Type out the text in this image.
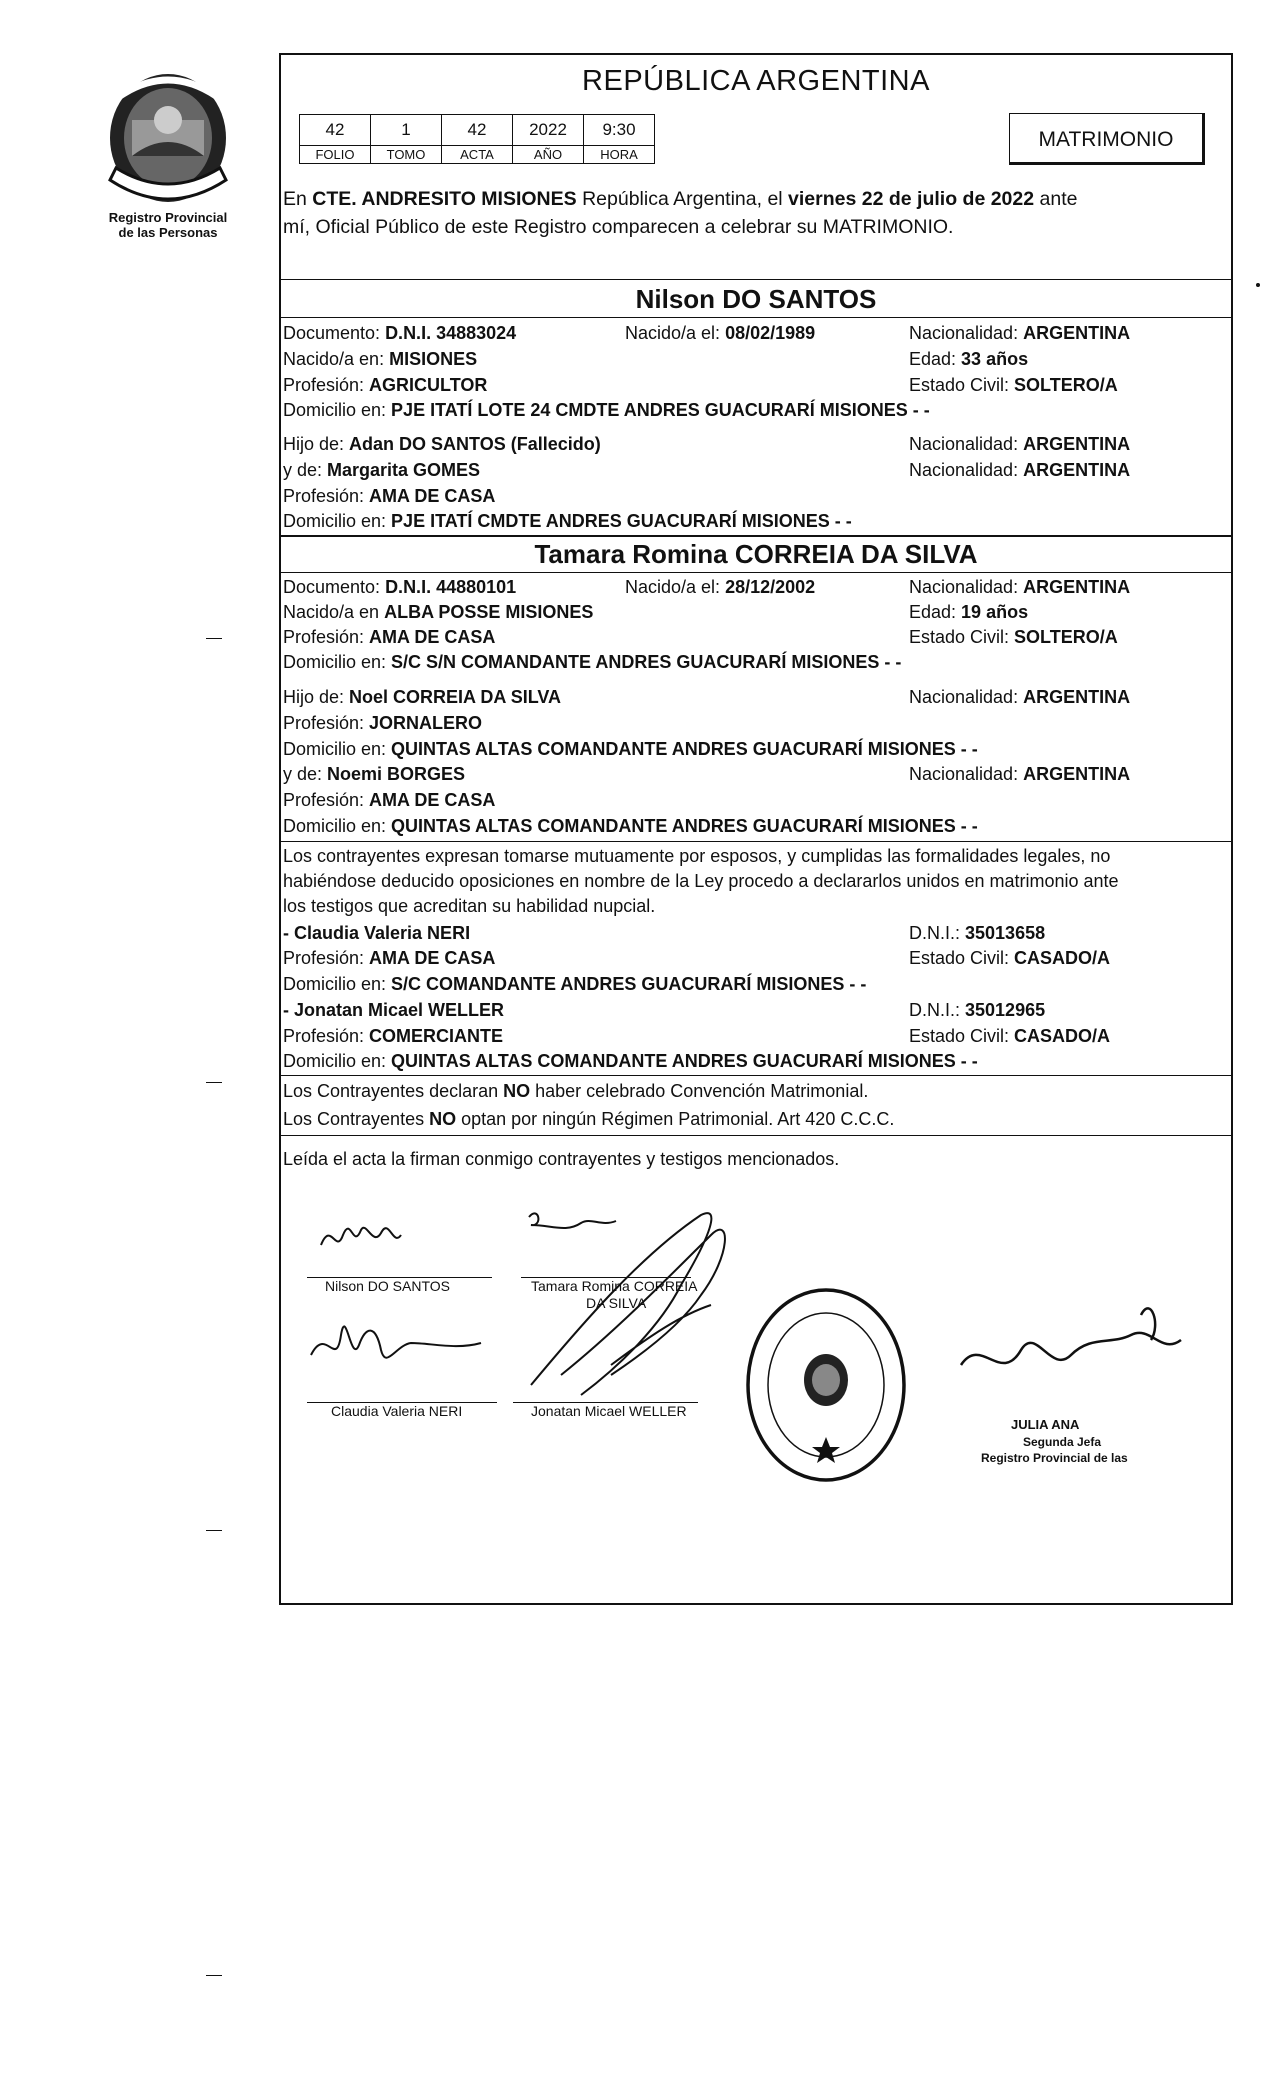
Registro Provincial
de las Personas
REPÚBLICA ARGENTINA
42	1	42	2022	9:30
FOLIO	TOMO	ACTA	AÑO	HORA
MATRIMONIO
En CTE. ANDRESITO MISIONES República Argentina, el viernes 22 de julio de 2022 ante
mí, Oficial Público de este Registro comparecen a celebrar su MATRIMONIO.
Nilson DO SANTOS
Documento: D.N.I. 34883024	Nacido/a el: 08/02/1989	Nacionalidad: ARGENTINA
Nacido/a en: MISIONES	Edad: 33 años
Profesión: AGRICULTOR	Estado Civil: SOLTERO/A
Domicilio en: PJE ITATÍ LOTE 24 CMDTE ANDRES GUACURARÍ MISIONES - -
Hijo de: Adan DO SANTOS (Fallecido)	Nacionalidad: ARGENTINA
y de: Margarita GOMES	Nacionalidad: ARGENTINA
Profesión: AMA DE CASA
Domicilio en: PJE ITATÍ CMDTE ANDRES GUACURARÍ MISIONES - -
Tamara Romina CORREIA DA SILVA
Documento: D.N.I. 44880101	Nacido/a el: 28/12/2002	Nacionalidad: ARGENTINA
Nacido/a en ALBA POSSE MISIONES	Edad: 19 años
Profesión: AMA DE CASA	Estado Civil: SOLTERO/A
Domicilio en: S/C S/N COMANDANTE ANDRES GUACURARÍ MISIONES - -
Hijo de: Noel CORREIA DA SILVA	Nacionalidad: ARGENTINA
Profesión: JORNALERO
Domicilio en: QUINTAS ALTAS COMANDANTE ANDRES GUACURARÍ MISIONES - -
y de: Noemi BORGES	Nacionalidad: ARGENTINA
Profesión: AMA DE CASA
Domicilio en: QUINTAS ALTAS COMANDANTE ANDRES GUACURARÍ MISIONES - -
Los contrayentes expresan tomarse mutuamente por esposos, y cumplidas las formalidades legales, no
habiéndose deducido oposiciones en nombre de la Ley procedo a declararlos unidos en matrimonio ante
los testigos que acreditan su habilidad nupcial.
- Claudia Valeria NERI	D.N.I.: 35013658
Profesión: AMA DE CASA	Estado Civil: CASADO/A
Domicilio en: S/C COMANDANTE ANDRES GUACURARÍ MISIONES - -
- Jonatan Micael WELLER	D.N.I.: 35012965
Profesión: COMERCIANTE	Estado Civil: CASADO/A
Domicilio en: QUINTAS ALTAS COMANDANTE ANDRES GUACURARÍ MISIONES - -
Los Contrayentes declaran NO haber celebrado Convención Matrimonial.
Los Contrayentes NO optan por ningún Régimen Patrimonial. Art 420 C.C.C.
Leída el acta la firman conmigo contrayentes y testigos mencionados.
Nilson DO SANTOS	Tamara Romina CORREIA
DA SILVA
Claudia Valeria NERI	Jonatan Micael WELLER
JULIA ANA
Segunda Jefa
Registro Provincial de las
